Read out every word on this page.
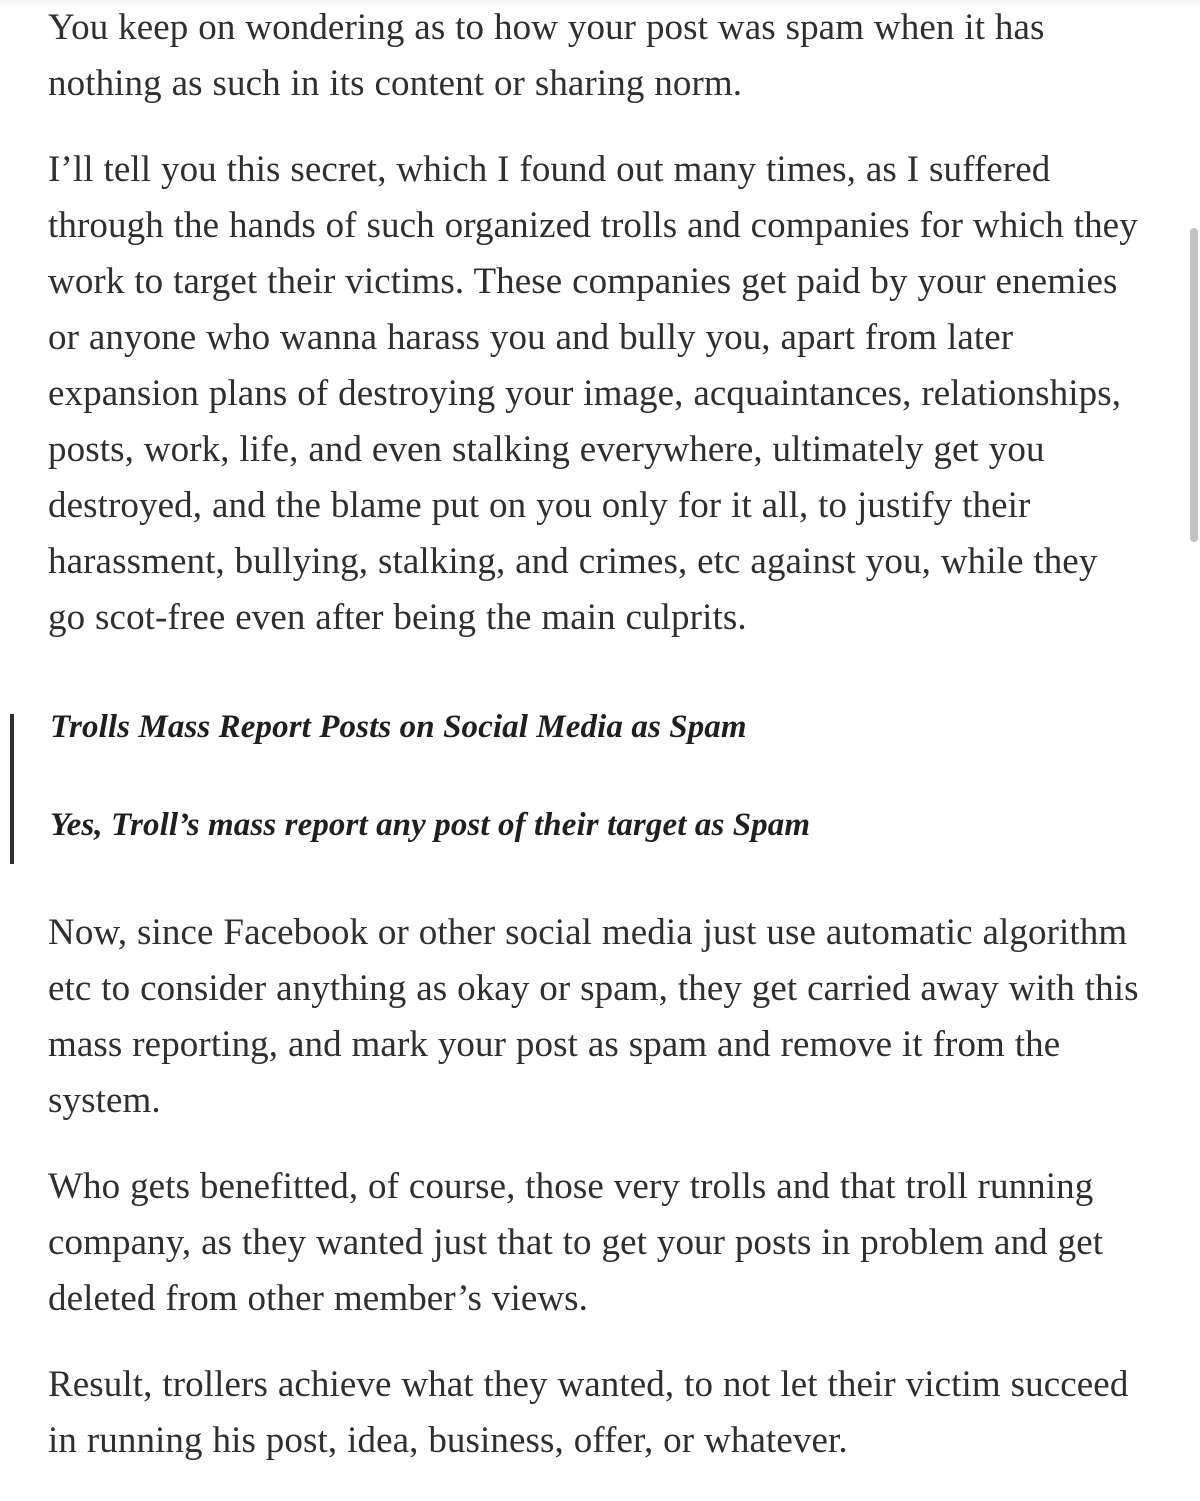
You keep on wondering as to how your post was spam when it has nothing as such in its content or sharing norm.

I’ll tell you this secret, which I found out many times, as I suffered through the hands of such organized trolls and companies for which they work to target their victims. These companies get paid by your enemies or anyone who wanna harass you and bully you, apart from later expansion plans of destroying your image, acquaintances, relationships, posts, work, life, and even stalking everywhere, ultimately get you destroyed, and the blame put on you only for it all, to justify their harassment, bullying, stalking, and crimes, etc against you, while they go scot-free even after being the main culprits.

Trolls Mass Report Posts on Social Media as Spam

Yes, Troll’s mass report any post of their target as Spam

Now, since Facebook or other social media just use automatic algorithm etc to consider anything as okay or spam, they get carried away with this mass reporting, and mark your post as spam and remove it from the system.

Who gets benefitted, of course, those very trolls and that troll running company, as they wanted just that to get your posts in problem and get deleted from other member’s views.

Result, trollers achieve what they wanted, to not let their victim succeed in running his post, idea, business, offer, or whatever.
